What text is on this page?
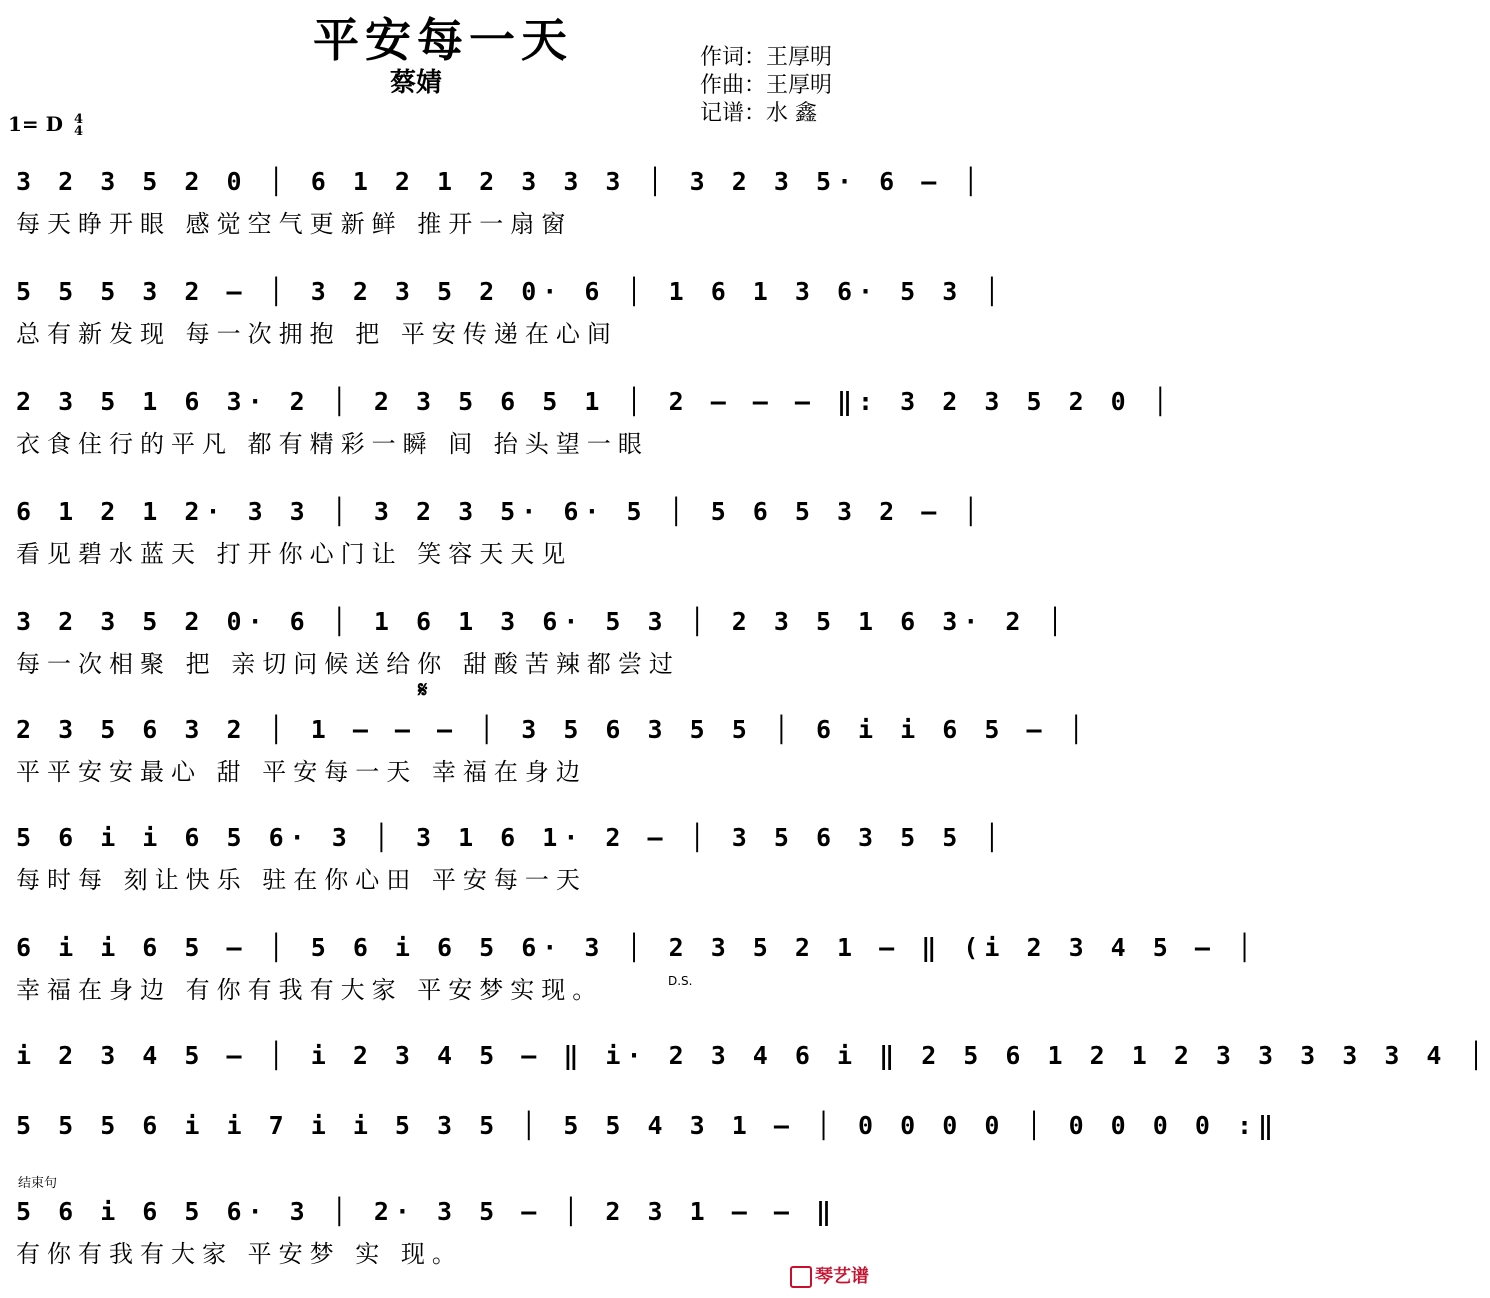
平安每一天
蔡婧
作词：王厚明
作曲：王厚明
记谱：水 鑫
1= D 4
4
3 2 3 5 2 0 │ 6 1 2 1 2 3 3 3 │ 3 2 3 5· 6 – │
每天睁开眼 感觉空气更新鲜 推开一扇窗
5 5 5 3 2 – │ 3 2 3 5 2 0· 6 │ 1 6 1 3 6· 5 3 │
总有新发现 每一次拥抱 把 平安传递在心间
2 3 5 1 6 3· 2 │ 2 3 5 6 5 1 │ 2 – – – ‖: 3 2 3 5 2 0 │
衣食住行的平凡 都有精彩一瞬 间 抬头望一眼
6 1 2 1 2· 3 3 │ 3 2 3 5· 6· 5 │ 5 6 5 3 2 – │
看见碧水蓝天 打开你心门让 笑容天天见
3 2 3 5 2 0· 6 │ 1 6 1 3 6· 5 3 │ 2 3 5 1 6 3· 2 │
每一次相聚 把 亲切问候送给你 甜酸苦辣都尝过
𝄋
2 3 5 6 3 2 │ 1 – – – │ 3 5 6 3 5 5 │ 6 i i 6 5 – │
平平安安最心 甜 平安每一天 幸福在身边
5 6 i i 6 5 6· 3 │ 3 1 6 1· 2 – │ 3 5 6 3 5 5 │
每时每 刻让快乐 驻在你心田 平安每一天
6 i i 6 5 – │ 5 6 i 6 5 6· 3 │ 2 3 5 2 1 – ‖ (i 2 3 4 5 – │
幸福在身边 有你有我有大家 平安梦实现。	D.S.
i 2 3 4 5 – │ i 2 3 4 5 – ‖ i· 2 3 4 6 i ‖ 2 5 6 1 2 1 2 3 3 3 3 3 4 │
5 5 5 6 i i 7 i i 5 3 5 │ 5 5 4 3 1 – │ 0 0 0 0 │ 0 0 0 0 :‖
结束句
5 6 i 6 5 6· 3 │ 2· 3 5 – │ 2 3 1 – – ‖
有你有我有大家 平安梦 实 现。
琴艺谱
